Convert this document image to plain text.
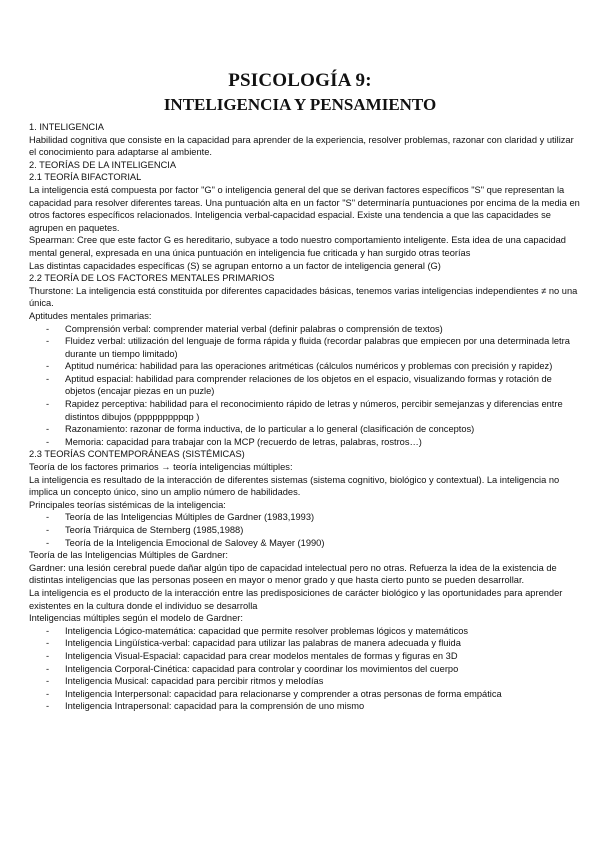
PSICOLOGÍA 9:
INTELIGENCIA Y PENSAMIENTO

1. INTELIGENCIA

Habilidad cognitiva que consiste en la capacidad para aprender de la experiencia, resolver problemas, razonar con claridad y utilizar el conocimiento para adaptarse al ambiente.

2. TEORÍAS DE LA INTELIGENCIA

2.1 TEORÍA BIFACTORIAL

La inteligencia está compuesta por factor "G" o inteligencia general del que se derivan factores específicos "S" que representan la capacidad para resolver diferentes tareas. Una puntuación alta en un factor "S" determinaría puntuaciones por encima de la media en otros factores específicos relacionados. Inteligencia verbal-capacidad espacial. Existe una tendencia a que las capacidades se agrupen en paquetes.

Spearman: Cree que este factor G es hereditario, subyace a todo nuestro comportamiento inteligente. Esta idea de una capacidad mental general, expresada en una única puntuación en inteligencia fue criticada y han surgido otras teorías

Las distintas capacidades específicas (S) se agrupan entorno a un factor de inteligencia general (G)

2.2 TEORÍA DE LOS FACTORES MENTALES PRIMARIOS

Thurstone: La inteligencia está constituida por diferentes capacidades básicas, tenemos varias inteligencias independientes ≠ no una única.

Aptitudes mentales primarias:

- Comprensión verbal: comprender material verbal (definir palabras o comprensión de textos)
- Fluidez verbal: utilización del lenguaje de forma rápida y fluida (recordar palabras que empiecen por una determinada letra durante un tiempo limitado)
- Aptitud numérica: habilidad para las operaciones aritméticas (cálculos numéricos y problemas con precisión y rapidez)
- Aptitud espacial: habilidad para comprender relaciones de los objetos en el espacio, visualizando formas y rotación de objetos (encajar piezas en un puzle)
- Rapidez perceptiva: habilidad para el reconocimiento rápido de letras y números, percibir semejanzas y diferencias entre distintos dibujos (pppppppppqp )
- Razonamiento: razonar de forma inductiva, de lo particular a lo general (clasificación de conceptos)
- Memoria: capacidad para trabajar con la MCP (recuerdo de letras, palabras, rostros…)

2.3 TEORÍAS CONTEMPORÁNEAS (SISTÉMICAS)

Teoría de los factores primarios → teoría inteligencias múltiples:

La inteligencia es resultado de la interacción de diferentes sistemas (sistema cognitivo, biológico y contextual). La inteligencia no implica un concepto único, sino un amplio número de habilidades.

Principales teorías sistémicas de la inteligencia:

- Teoría de las Inteligencias Múltiples de Gardner (1983,1993)
- Teoría Triárquica de Sternberg (1985,1988)
- Teoría de la Inteligencia Emocional de Salovey & Mayer (1990)

Teoría de las Inteligencias Múltiples de Gardner:

Gardner: una lesión cerebral puede dañar algún tipo de capacidad intelectual pero no otras. Refuerza la idea de la existencia de distintas inteligencias que las personas poseen en mayor o menor grado y que hasta cierto punto se pueden desarrollar.

La inteligencia es el producto de la interacción entre las predisposiciones de carácter biológico y las oportunidades para aprender existentes en la cultura donde el individuo se desarrolla

Inteligencias múltiples según el modelo de Gardner:

- Inteligencia Lógico-matemática: capacidad que permite resolver problemas lógicos y matemáticos
- Inteligencia Lingüística-verbal: capacidad para utilizar las palabras de manera adecuada y fluida
- Inteligencia Visual-Espacial: capacidad para crear modelos mentales de formas y figuras en 3D
- Inteligencia Corporal-Cinética: capacidad para controlar y coordinar los movimientos del cuerpo
- Inteligencia Musical: capacidad para percibir ritmos y melodías
- Inteligencia Interpersonal: capacidad para relacionarse y comprender a otras personas de forma empática
- Inteligencia Intrapersonal: capacidad para la comprensión de uno mismo
